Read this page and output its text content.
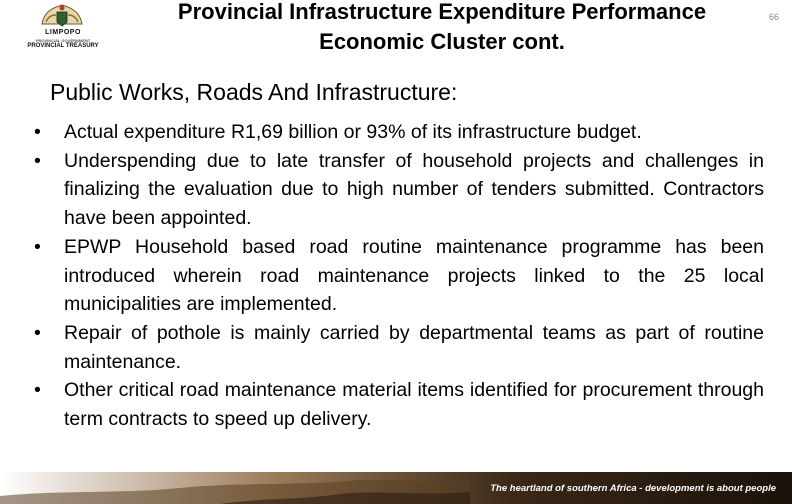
LIMPOPO
PROVINCIAL GOVERNMENT
PROVINCIAL TREASURY
Provincial Infrastructure Expenditure Performance
Economic Cluster cont.
66
Public Works, Roads And Infrastructure:
• Actual expenditure R1,69 billion or 93% of its infrastructure budget.
• Underspending due to late transfer of household projects and challenges in finalizing the evaluation due to high number of tenders submitted. Contractors have been appointed.
• EPWP Household based road routine maintenance programme has been introduced wherein road maintenance projects linked to the 25 local municipalities are implemented.
• Repair of pothole is mainly carried by departmental teams as part of routine maintenance.
• Other critical road maintenance material items identified for procurement through term contracts to speed up delivery.
The heartland of southern Africa - development is about people
